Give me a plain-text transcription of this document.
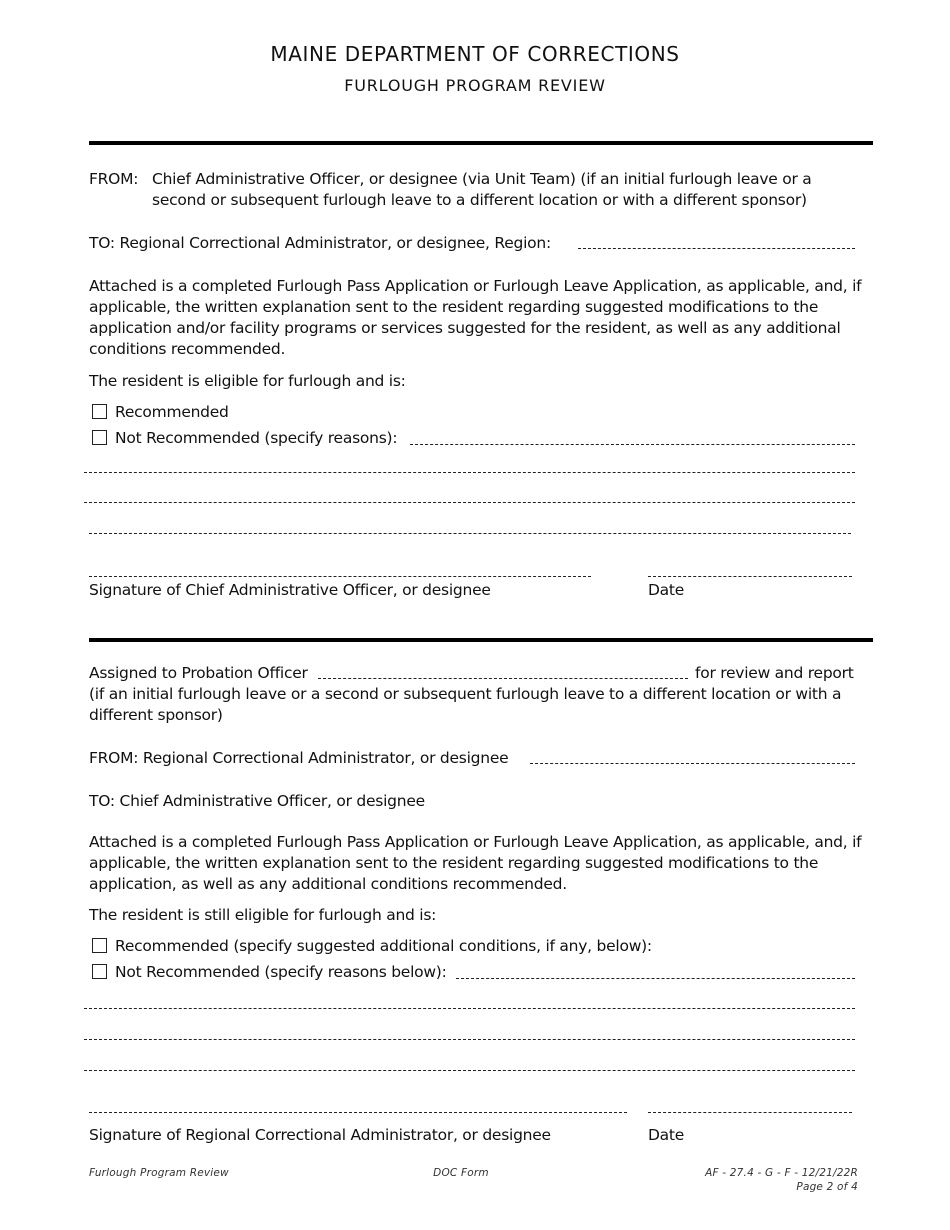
MAINE DEPARTMENT OF CORRECTIONS
FURLOUGH PROGRAM REVIEW
FROM: Chief Administrative Officer, or designee (via Unit Team) (if an initial furlough leave or a
second or subsequent furlough leave to a different location or with a different sponsor)
TO: Regional Correctional Administrator, or designee, Region:
Attached is a completed Furlough Pass Application or Furlough Leave Application, as applicable, and, if applicable, the written explanation sent to the resident regarding suggested modifications to the application and/or facility programs or services suggested for the resident, as well as any additional conditions recommended.
The resident is eligible for furlough and is:
Recommended
Not Recommended (specify reasons):
Signature of Chief Administrative Officer, or designee	Date
Assigned to Probation Officer	for review and report
(if an initial furlough leave or a second or subsequent furlough leave to a different location or with a
different sponsor)
FROM: Regional Correctional Administrator, or designee
TO: Chief Administrative Officer, or designee
Attached is a completed Furlough Pass Application or Furlough Leave Application, as applicable, and, if applicable, the written explanation sent to the resident regarding suggested modifications to the application, as well as any additional conditions recommended.
The resident is still eligible for furlough and is:
Recommended (specify suggested additional conditions, if any, below):
Not Recommended (specify reasons below):
Signature of Regional Correctional Administrator, or designee	Date
Furlough Program Review	DOC Form	AF - 27.4 - G - F - 12/21/22R
Page 2 of 4
